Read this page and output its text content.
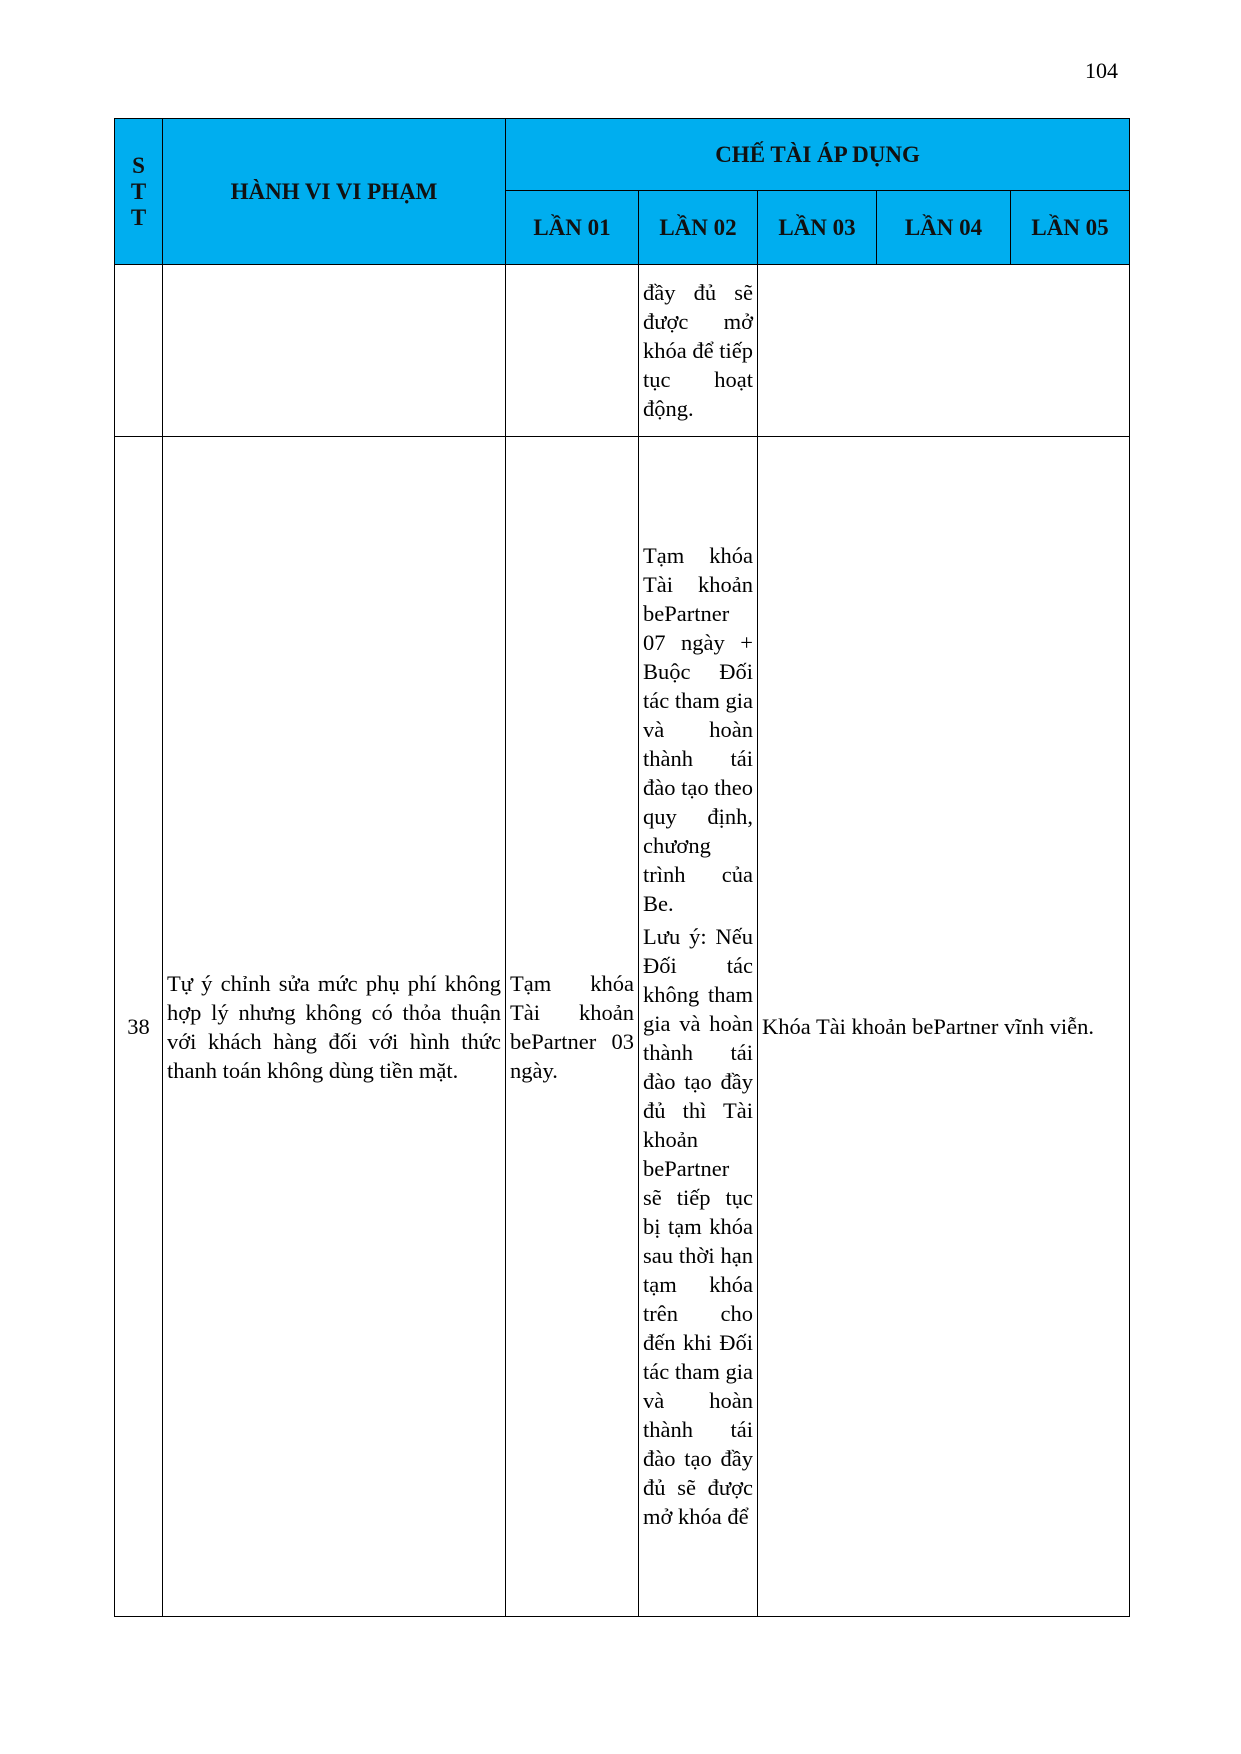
104
S T T	HÀNH VI VI PHẠM	CHẾ TÀI ÁP DỤNG				
		LẦN 01	LẦN 02	LẦN 03	LẦN 04	LẦN 05

			đầy đủ sẽ được mở khóa để tiếp tục hoạt động.			

38	Tự ý chỉnh sửa mức phụ phí không hợp lý nhưng không có thỏa thuận với khách hàng đối với hình thức thanh toán không dùng tiền mặt.	Tạm khóa Tài khoản bePartner 03 ngày.	Tạm khóa Tài khoản bePartner 07 ngày + Buộc Đối tác tham gia và hoàn thành tái đào tạo theo quy định, chương trình của Be.
Lưu ý: Nếu Đối tác không tham gia và hoàn thành tái đào tạo đầy đủ thì Tài khoản bePartner sẽ tiếp tục bị tạm khóa sau thời hạn tạm khóa trên cho đến khi Đối tác tham gia và hoàn thành tái đào tạo đầy đủ sẽ được mở khóa để	Khóa Tài khoản bePartner vĩnh viễn.		
